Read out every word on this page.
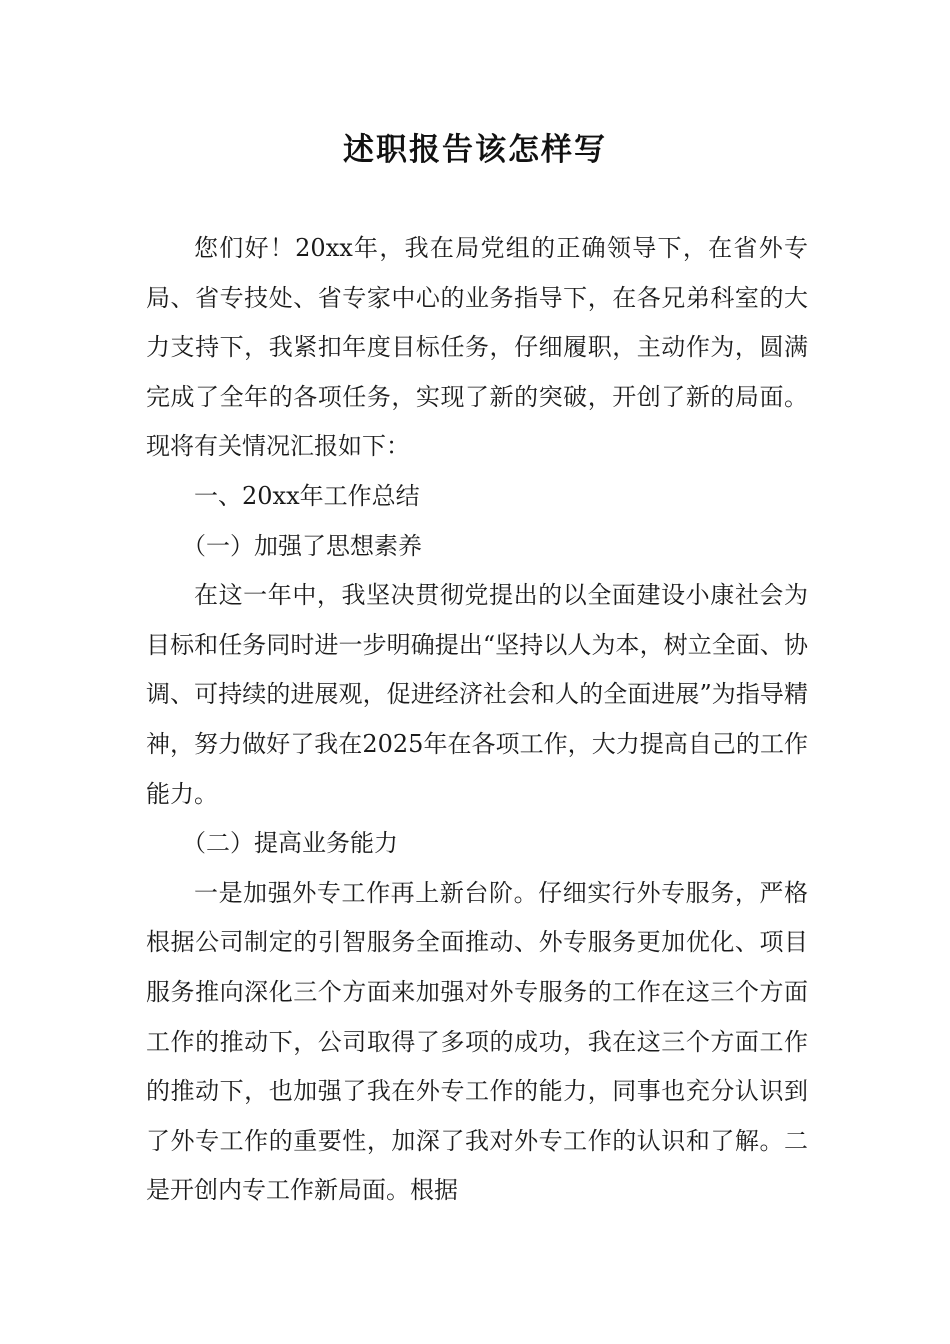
述职报告该怎样写

您们好！20xx年，我在局党组的正确领导下，在省外专局、省专技处、省专家中心的业务指导下，在各兄弟科室的大力支持下，我紧扣年度目标任务，仔细履职，主动作为，圆满完成了全年的各项任务，实现了新的突破，开创了新的局面。现将有关情况汇报如下：

一、20xx年工作总结

（一）加强了思想素养

在这一年中，我坚决贯彻党提出的以全面建设小康社会为目标和任务同时进一步明确提出“坚持以人为本，树立全面、协调、可持续的进展观，促进经济社会和人的全面进展”为指导精神，努力做好了我在2025年在各项工作，大力提高自己的工作能力。

（二）提高业务能力

一是加强外专工作再上新台阶。仔细实行外专服务，严格根据公司制定的引智服务全面推动、外专服务更加优化、项目服务推向深化三个方面来加强对外专服务的工作在这三个方面工作的推动下，公司取得了多项的成功，我在这三个方面工作的推动下，也加强了我在外专工作的能力，同事也充分认识到了外专工作的重要性，加深了我对外专工作的认识和了解。二是开创内专工作新局面。根据
